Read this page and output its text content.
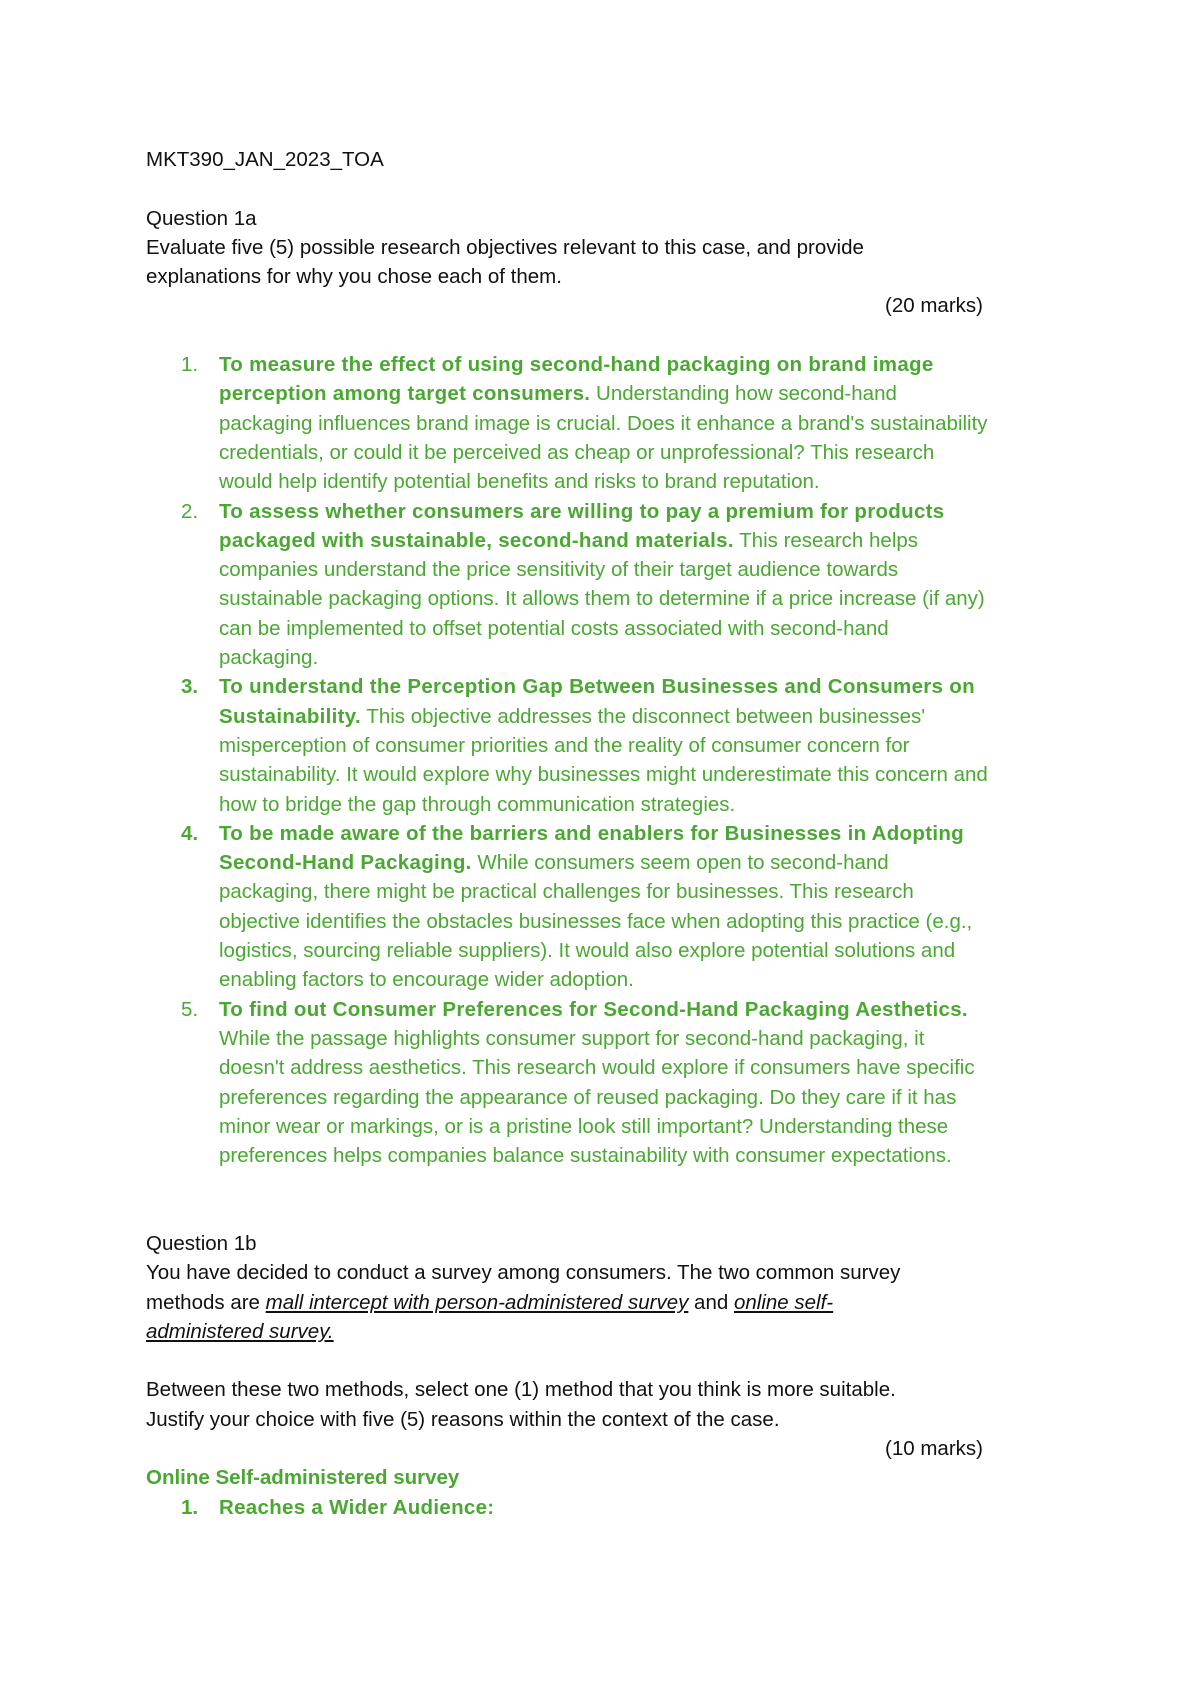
MKT390_JAN_2023_TOA

Question 1a

Evaluate five (5) possible research objectives relevant to this case, and provide explanations for why you chose each of them.

(20 marks)
1. To measure the effect of using second-hand packaging on brand image perception among target consumers. Understanding how second-hand packaging influences brand image is crucial. Does it enhance a brand's sustainability credentials, or could it be perceived as cheap or unprofessional? This research would help identify potential benefits and risks to brand reputation.
2. To assess whether consumers are willing to pay a premium for products packaged with sustainable, second-hand materials. This research helps companies understand the price sensitivity of their target audience towards sustainable packaging options. It allows them to determine if a price increase (if any) can be implemented to offset potential costs associated with second-hand packaging.
3. To understand the Perception Gap Between Businesses and Consumers on Sustainability. This objective addresses the disconnect between businesses' misperception of consumer priorities and the reality of consumer concern for sustainability. It would explore why businesses might underestimate this concern and how to bridge the gap through communication strategies.
4. To be made aware of the barriers and enablers for Businesses in Adopting Second-Hand Packaging. While consumers seem open to second-hand packaging, there might be practical challenges for businesses. This research objective identifies the obstacles businesses face when adopting this practice (e.g., logistics, sourcing reliable suppliers). It would also explore potential solutions and enabling factors to encourage wider adoption.
5. To find out Consumer Preferences for Second-Hand Packaging Aesthetics. While the passage highlights consumer support for second-hand packaging, it doesn't address aesthetics. This research would explore if consumers have specific preferences regarding the appearance of reused packaging. Do they care if it has minor wear or markings, or is a pristine look still important? Understanding these preferences helps companies balance sustainability with consumer expectations.

Question 1b

You have decided to conduct a survey among consumers. The two common survey methods are mall intercept with person-administered survey and online self-administered survey.

Between these two methods, select one (1) method that you think is more suitable. Justify your choice with five (5) reasons within the context of the case.

(10 marks)

Online Self-administered survey

1. Reaches a Wider Audience:
